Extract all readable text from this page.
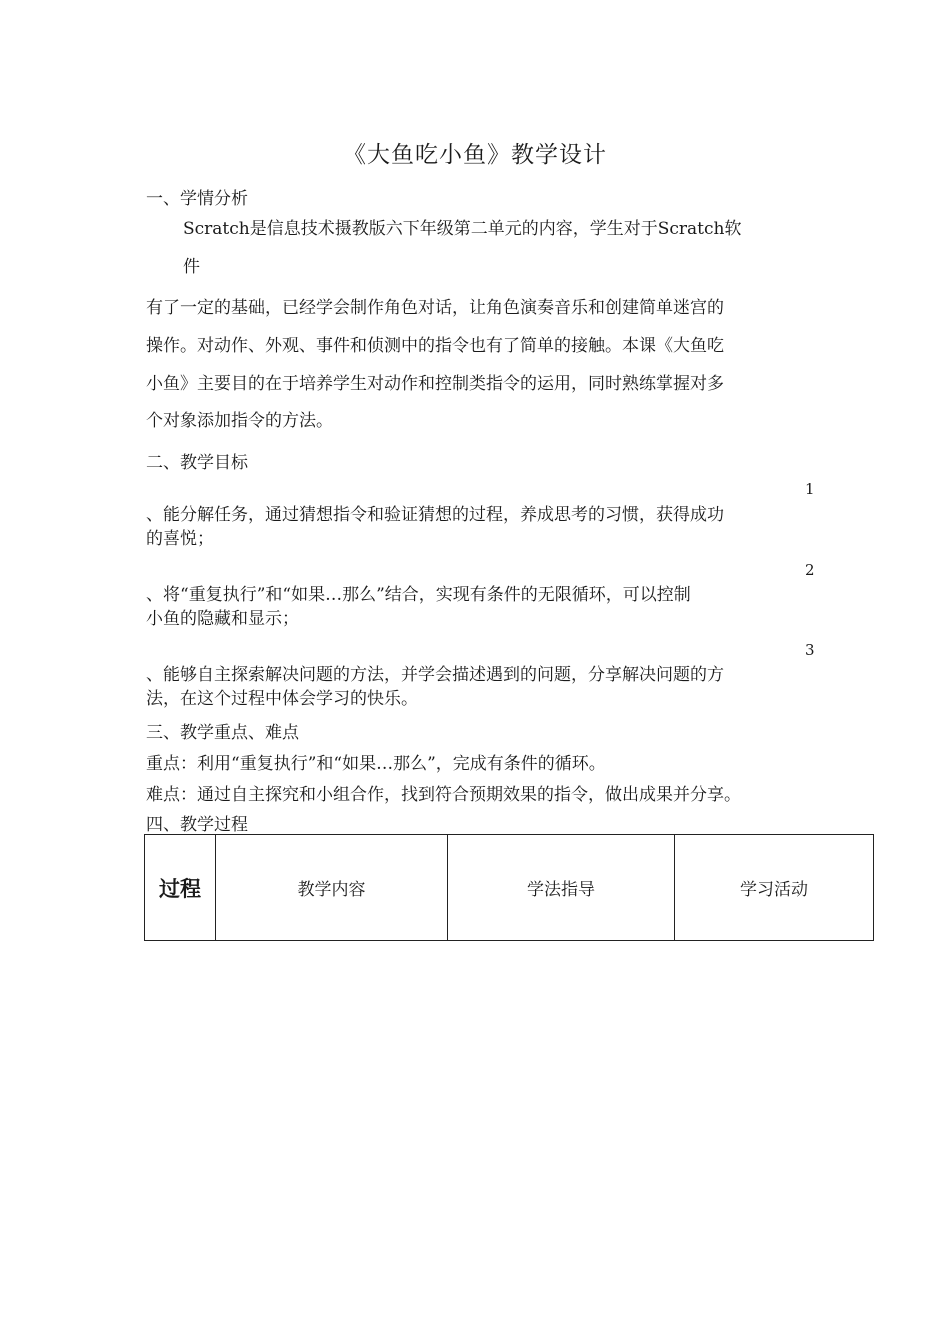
《大鱼吃小鱼》教学设计
一、学情分析
Scratch是信息技术摄教版六下年级第二单元的内容，学生对于Scratch软
件
有了一定的基础，已经学会制作角色对话，让角色演奏音乐和创建简单迷宫的
操作。对动作、外观、事件和侦测中的指令也有了简单的接触。本课《大鱼吃
小鱼》主要目的在于培养学生对动作和控制类指令的运用，同时熟练掌握对多
个对象添加指令的方法。
二、教学目标
1
、能分解任务，通过猜想指令和验证猜想的过程，养成思考的习惯，获得成功
的喜悦；
2
、将“重复执行”和“如果…那么”结合，实现有条件的无限循环，可以控制
小鱼的隐藏和显示；
3
、能够自主探索解决问题的方法，并学会描述遇到的问题，分享解决问题的方
法，在这个过程中体会学习的快乐。
三、教学重点、难点
重点：利用“重复执行”和“如果…那么”，完成有条件的循环。
难点：通过自主探究和小组合作，找到符合预期效果的指令，做出成果并分享。
四、教学过程
过程	教学内容	学法指导	学习活动
